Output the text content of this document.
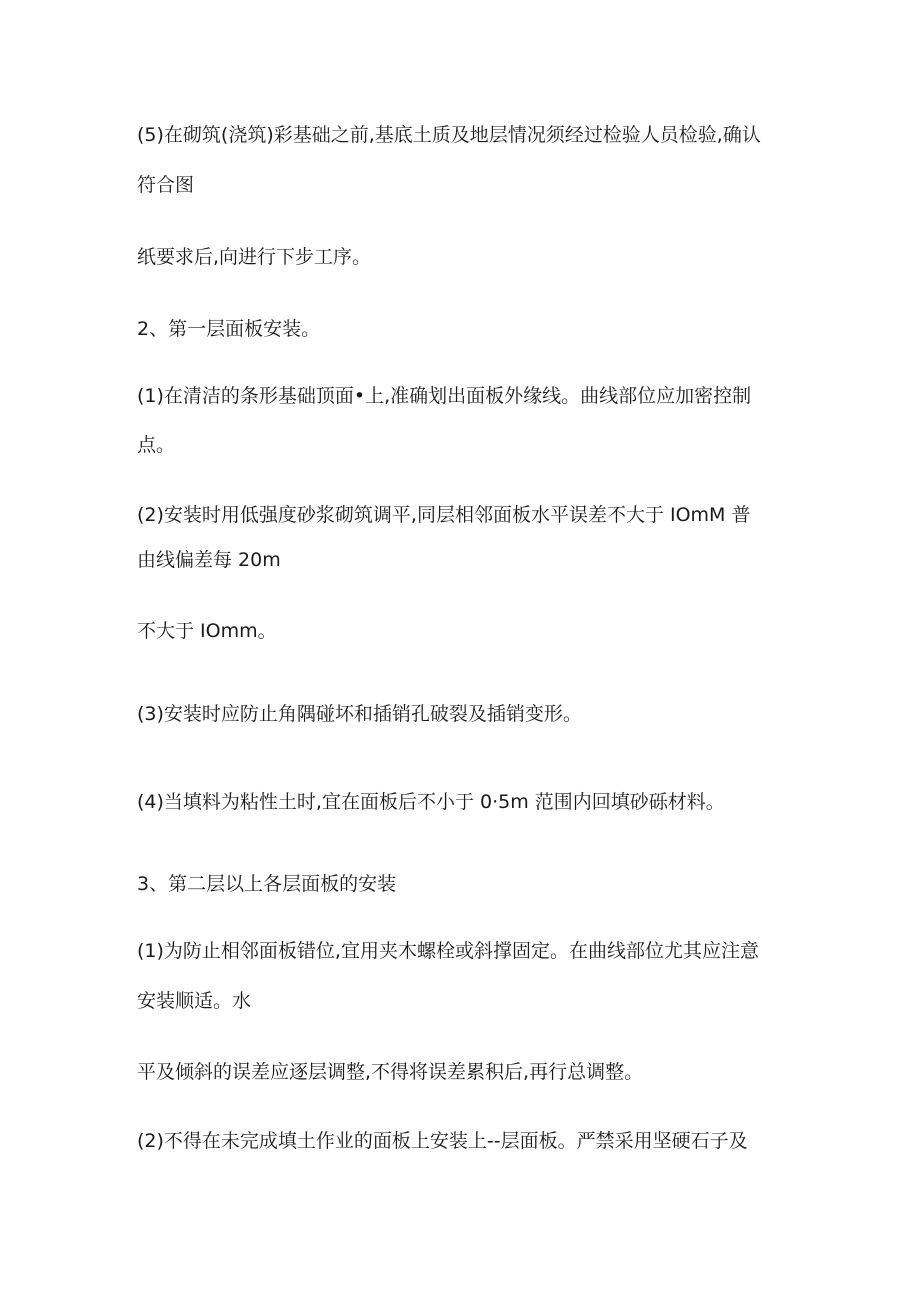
(5)在砌筑(浇筑)彩基础之前,基底土质及地层情况须经过检验人员检验,确认
符合图
纸要求后,向进行下步工序。
2、第一层面板安装。
(1)在清洁的条形基础顶面•上,准确划出面板外缘线。曲线部位应加密控制
点。
(2)安装时用低强度砂浆砌筑调平,同层相邻面板水平误差不大于 IOmM 普
由线偏差每 20m
不大于 IOmm。
(3)安装时应防止角隅碰坏和插销孔破裂及插销变形。
(4)当填料为粘性土时,宜在面板后不小于 0·5m 范围内回填砂砾材料。
3、第二层以上各层面板的安装
(1)为防止相邻面板错位,宜用夹木螺栓或斜撑固定。在曲线部位尤其应注意
安装顺适。水
平及倾斜的误差应逐层调整,不得将误差累积后,再行总调整。
(2)不得在未完成填土作业的面板上安装上--层面板。严禁采用坚硬石子及
